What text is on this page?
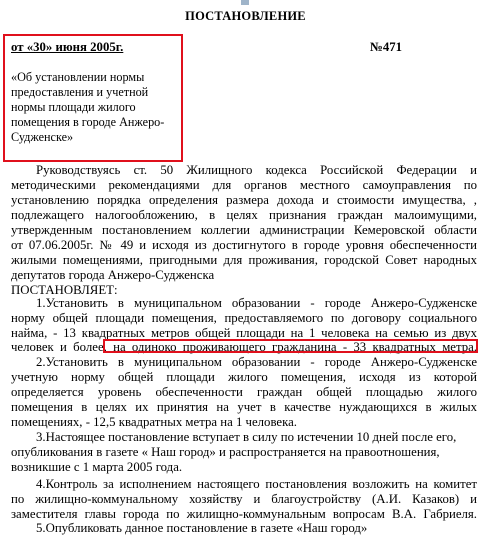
ПОСТАНОВЛЕНИЕ
от «30» июня 2005г.	№471
«Об установлении нормы предоставления и учетной нормы площади жилого помещения в городе Анжеро-Судженске»
Руководствуясь ст. 50 Жилищного кодекса Российской Федерации и
методическими рекомендациями для органов местного самоуправления по
установлению порядка определения размера дохода и стоимости имущества, ,
подлежащего налогообложению, в целях признания граждан малоимущими,
утвержденным постановлением коллегии администрации Кемеровской области
от 07.06.2005г. № 49 и исходя из достигнутого в городе уровня обеспеченности
жилыми помещениями, пригодными для проживания, городской Совет народных
депутатов города Анжеро-Судженска
ПОСТАНОВЛЯЕТ:
1.Установить в муниципальном образовании - городе Анжеро-Судженске
норму общей площади помещения, предоставляемого по договору социального
найма, - 13 квадратных метров общей площади на 1 человека на семью из двух
человек и более, на одиноко проживающего гражданина - 33 квадратных метра.
2.Установить в муниципальном образовании - городе Анжеро-Судженске
учетную норму общей площади жилого помещения, исходя из которой
определяется уровень обеспеченности граждан общей площадью жилого
помещения в целях их принятия на учет в качестве нуждающихся в жилых
помещениях, - 12,5 квадратных метра на 1 человека.
3.Настоящее постановление вступает в силу по истечении 10 дней после его,
опубликования в газете « Наш город» и распространяется на правоотношения,
возникшие с 1 марта 2005 года.
4.Контроль за исполнением настоящего постановления возложить на комитет
по жилищно-коммунальному хозяйству и благоустройству (А.И. Казаков) и
заместителя главы города по жилищно-коммунальным вопросам В.А. Габриеля.
5.Опубликовать данное постановление в газете «Наш город»
